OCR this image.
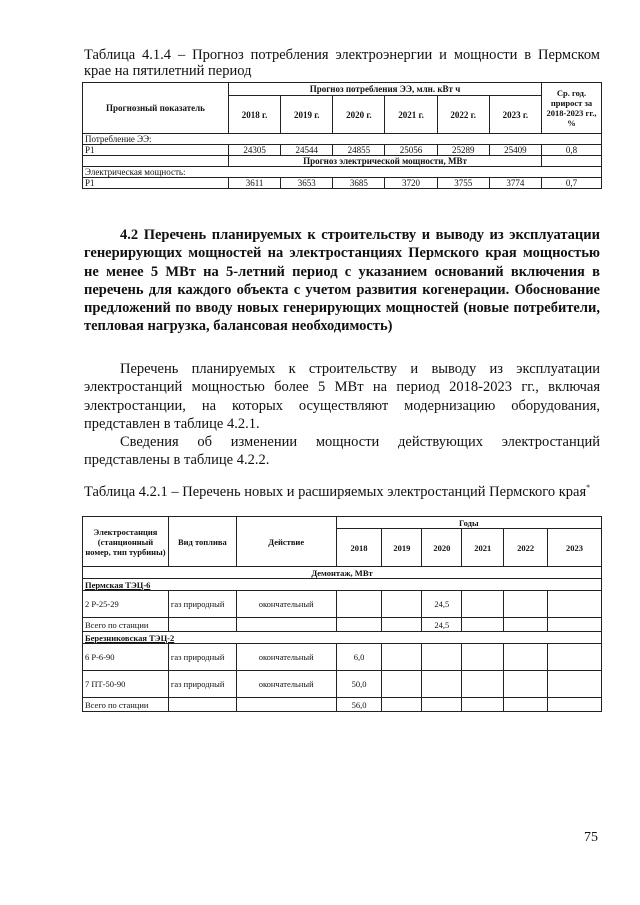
Таблица 4.1.4 – Прогноз потребления электроэнергии и мощности в Пермском крае на пятилетний период
Прогнозный показатель	Прогноз потребления ЭЭ, млн. кВт ч						Ср. год. прирост за 2018-2023 гг., %
	2018 г.	2019 г.	2020 г.	2021 г.	2022 г.	2023 г.	
Потребление ЭЭ:							
P1	24305	24544	24855	25056	25289	25409	0,8
	Прогноз электрической мощности, МВт						
Электрическая мощность:							
P1	3611	3653	3685	3720	3755	3774	0,7
4.2 Перечень планируемых к строительству и выводу из эксплуатации генерирующих мощностей на электростанциях Пермского края мощностью не менее 5 МВт на 5-летний период с указанием оснований включения в перечень для каждого объекта с учетом развития когенерации. Обоснование предложений по вводу новых генерирующих мощностей (новые потребители, тепловая нагрузка, балансовая необходимость)
Перечень планируемых к строительству и выводу из эксплуатации электростанций мощностью более 5 МВт на период 2018-2023 гг., включая электростанции, на которых осуществляют модернизацию оборудования, представлен в таблице 4.2.1.
Сведения об изменении мощности действующих электростанций представлены в таблице 4.2.2.
Таблица 4.2.1 – Перечень новых и расширяемых электростанций Пермского края*
Электростанция (станционный номер, тип турбины)	Вид топлива	Действие	Годы					
			2018	2019	2020	2021	2022	2023
Демонтаж, МВт								
Пермская ТЭЦ-6								
2 Р-25-29	газ природный	окончательный			24,5			
Всего по станции					24,5			
Березниковская ТЭЦ-2								
6 Р-6-90	газ природный	окончательный	6,0					
7 ПТ-50-90	газ природный	окончательный	50,0					
Всего по станции			56,0					
75
